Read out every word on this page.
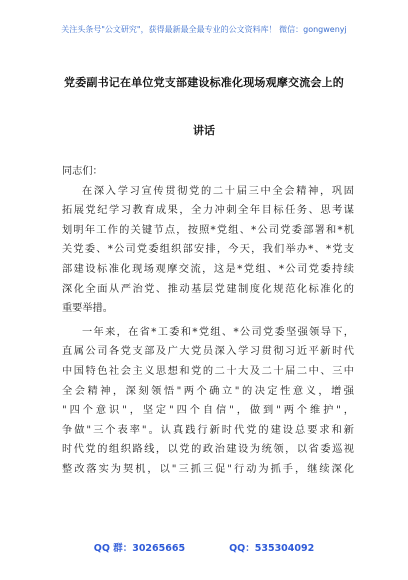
关注头条号"公文研究"，获得最新最全最专业的公文资料库！ 微信：gongwenyj
党委副书记在单位党支部建设标准化现场观摩交流会上的
讲话
同志们：
在深入学习宣传贯彻党的二十届三中全会精神，巩固
拓展党纪学习教育成果，全力冲刺全年目标任务、思考谋
划明年工作的关键节点，按照*党组、*公司党委部署和*机
关党委、*公司党委组织部安排，今天，我们举办*、*党支
部建设标准化现场观摩交流，这是*党组、*公司党委持续
深化全面从严治党、推动基层党建制度化规范化标准化的
重要举措。
一年来，在省*工委和*党组、*公司党委坚强领导下，
直属公司各党支部及广大党员深入学习贯彻习近平新时代
中国特色社会主义思想和党的二十大及二十届二中、三中
全会精神，深刻领悟"两个确立"的决定性意义，增强
"四个意识"，坚定"四个自信"，做到"两个维护"，
争做"三个表率"。认真践行新时代党的建设总要求和新
时代党的组织路线，以党的政治建设为统领，以省委巡视
整改落实为契机，以"三抓三促"行动为抓手，继续深化
QQ 群：30265665	QQ：535304092
